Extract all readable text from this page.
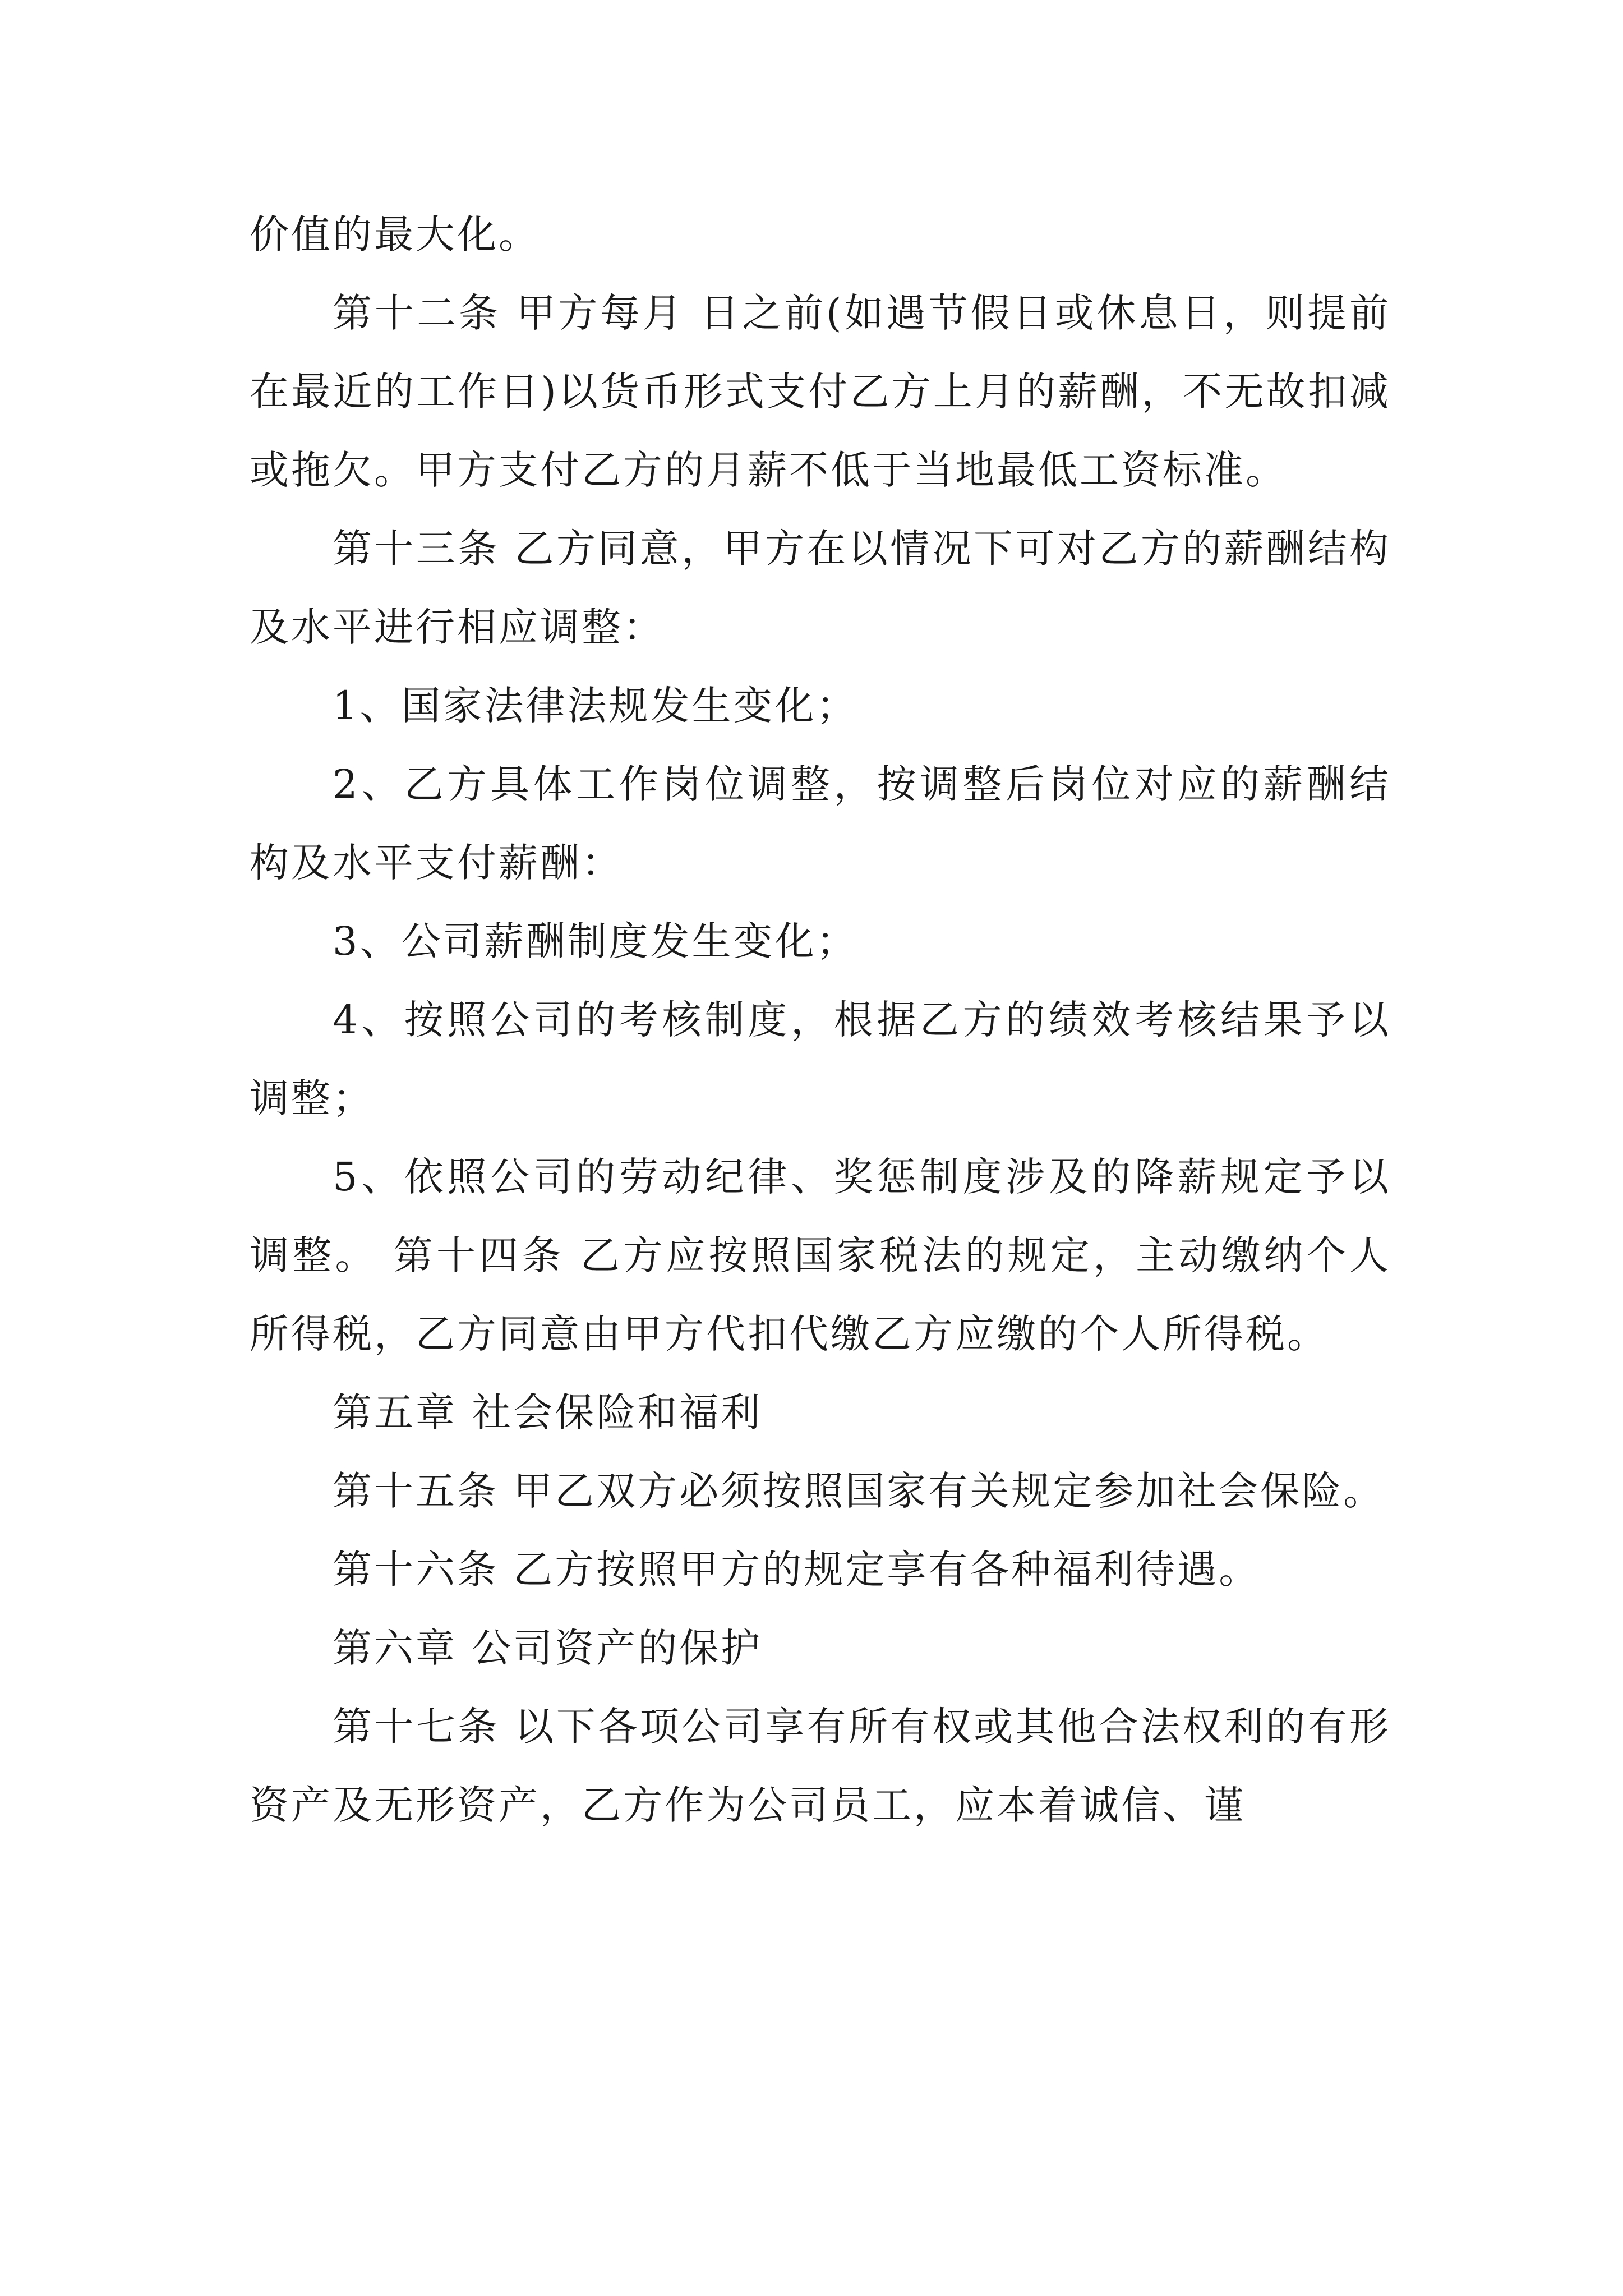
价值的最大化。

第十二条 甲方每月 日之前(如遇节假日或休息日，则提前在最近的工作日)以货币形式支付乙方上月的薪酬，不无故扣减或拖欠。甲方支付乙方的月薪不低于当地最低工资标准。

第十三条 乙方同意，甲方在以情况下可对乙方的薪酬结构及水平进行相应调整：

1、国家法律法规发生变化；

2、乙方具体工作岗位调整，按调整后岗位对应的薪酬结构及水平支付薪酬：

3、公司薪酬制度发生变化；

4、按照公司的考核制度，根据乙方的绩效考核结果予以调整；

5、依照公司的劳动纪律、奖惩制度涉及的降薪规定予以调整。 第十四条 乙方应按照国家税法的规定，主动缴纳个人所得税，乙方同意由甲方代扣代缴乙方应缴的个人所得税。

第五章 社会保险和福利

第十五条 甲乙双方必须按照国家有关规定参加社会保险。

第十六条 乙方按照甲方的规定享有各种福利待遇。

第六章 公司资产的保护

第十七条 以下各项公司享有所有权或其他合法权利的有形资产及无形资产，乙方作为公司员工，应本着诚信、谨
